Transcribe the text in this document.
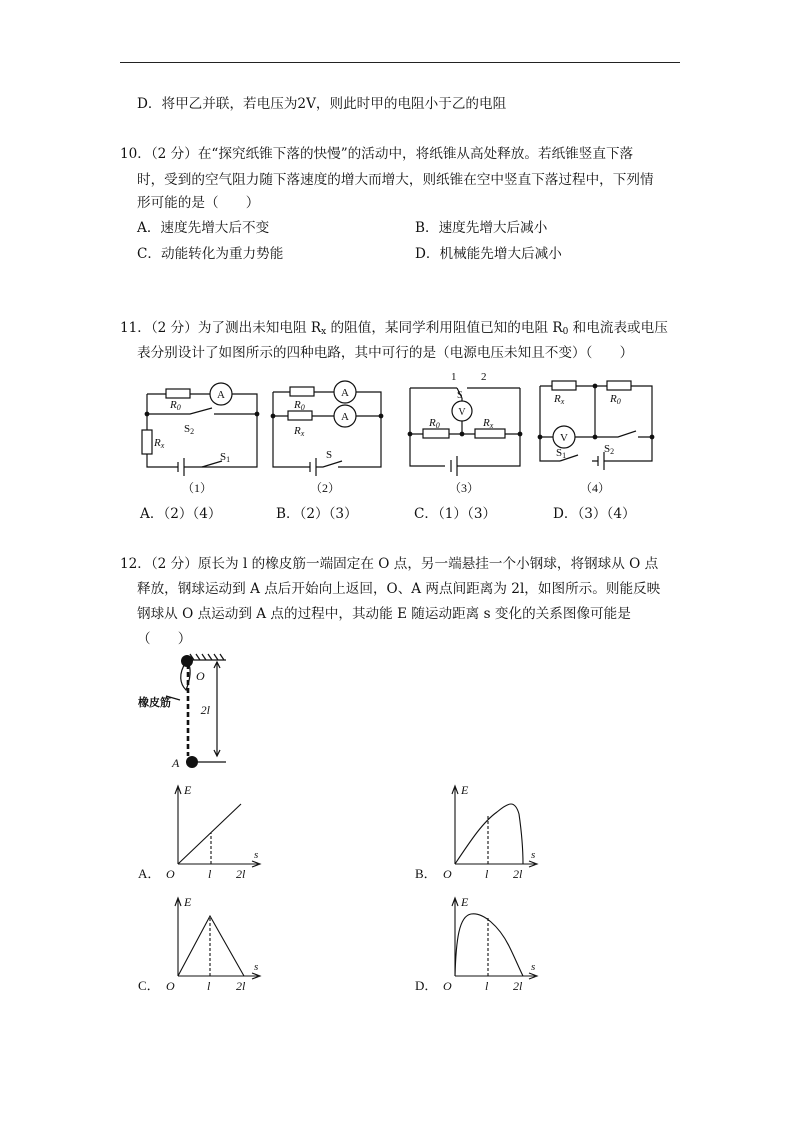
D．将甲乙并联，若电压为2V，则此时甲的电阻小于乙的电阻
10．（2 分）在“探究纸锥下落的快慢”的活动中，将纸锥从高处释放。若纸锥竖直下落
时，受到的空气阻力随下落速度的增大而增大，则纸锥在空中竖直下落过程中，下列情
形可能的是（　　）
A．速度先增大后不变	B．速度先增大后减小
C．动能转化为重力势能	D．机械能先增大后减小
11．（2 分）为了测出未知电阻 $R_x$ 的阻值，某同学利用阻值已知的电阻 $R_0$ 和电流表或电压
表分别设计了如图所示的四种电路，其中可行的是（电源电压未知且不变）（　　）
A
R0
S2
Rx
S1
（1）
A
A
R0
Rx
S
（2）
1 2
S
V
R0	Rx
（3）
Rx	R0
V
S2
S1
（4）
A．（2）（4）	B．（2）（3）	C．（1）（3）	D．（3）（4）
12．（2 分）原长为 l 的橡皮筋一端固定在 O 点，另一端悬挂一个小钢球，将钢球从 O 点
释放，钢球运动到 A 点后开始向上返回，O、A 两点间距离为 2l，如图所示。则能反映
钢球从 O 点运动到 A 点的过程中，其动能 E 随运动距离 s 变化的关系图像可能是
（　　）
O
A
2l
橡皮筋
A．
E
s
O	l 2l	B．
E
s
O	l 2l
C．
E
s
O	l 2l	D．
E
s
O	l 2l
